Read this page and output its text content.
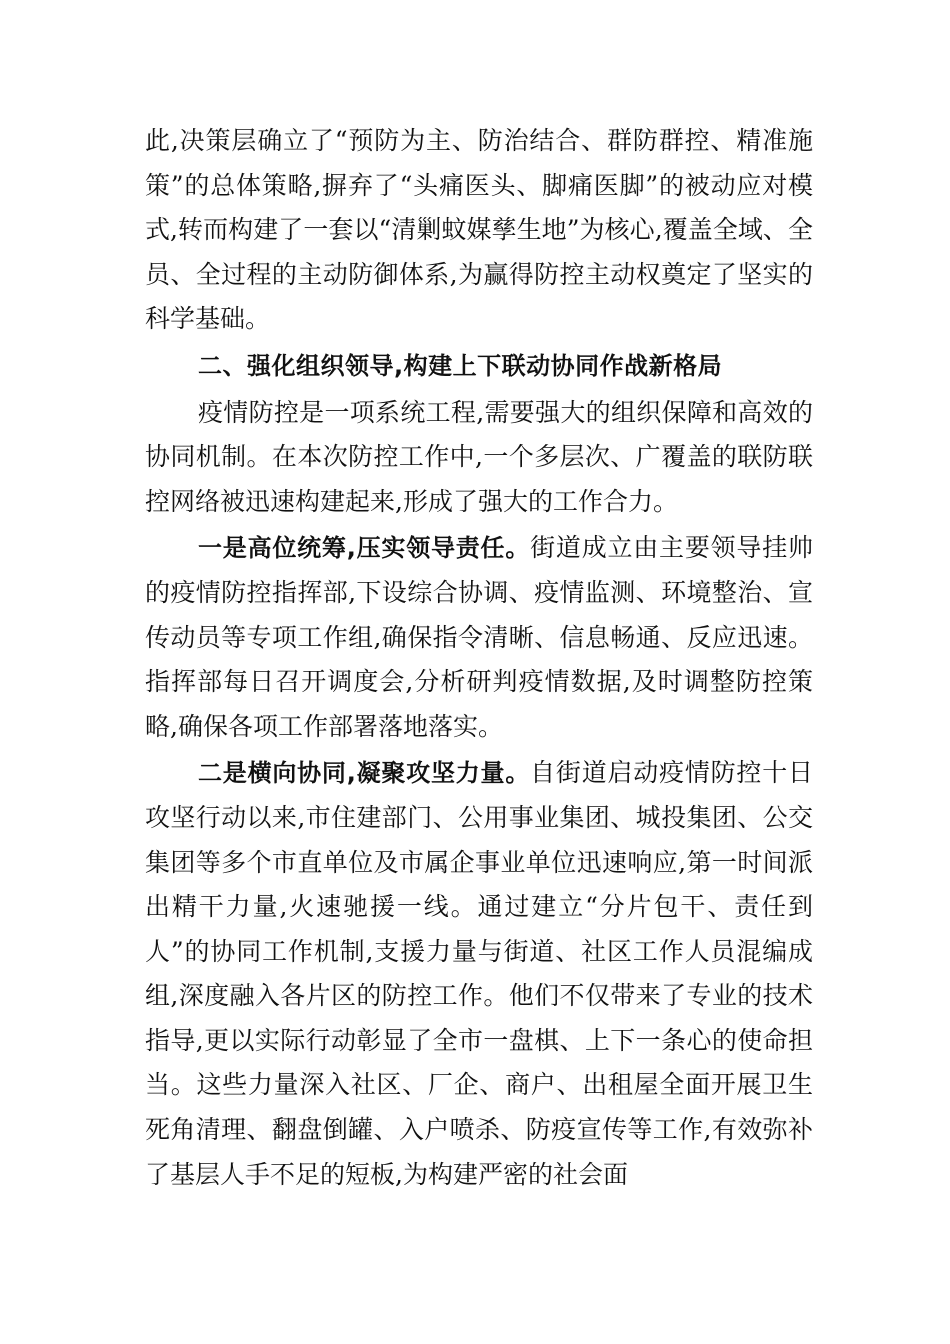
此,决策层确立了“预防为主、防治结合、群防群控、精准施策”的总体策略,摒弃了“头痛医头、脚痛医脚”的被动应对模式,转而构建了一套以“清剿蚊媒孳生地”为核心,覆盖全域、全员、全过程的主动防御体系,为赢得防控主动权奠定了坚实的科学基础。

二、强化组织领导,构建上下联动协同作战新格局

疫情防控是一项系统工程,需要强大的组织保障和高效的协同机制。在本次防控工作中,一个多层次、广覆盖的联防联控网络被迅速构建起来,形成了强大的工作合力。

一是高位统筹,压实领导责任。街道成立由主要领导挂帅的疫情防控指挥部,下设综合协调、疫情监测、环境整治、宣传动员等专项工作组,确保指令清晰、信息畅通、反应迅速。指挥部每日召开调度会,分析研判疫情数据,及时调整防控策略,确保各项工作部署落地落实。

二是横向协同,凝聚攻坚力量。自街道启动疫情防控十日攻坚行动以来,市住建部门、公用事业集团、城投集团、公交集团等多个市直单位及市属企事业单位迅速响应,第一时间派出精干力量,火速驰援一线。通过建立“分片包干、责任到人”的协同工作机制,支援力量与街道、社区工作人员混编成组,深度融入各片区的防控工作。他们不仅带来了专业的技术指导,更以实际行动彰显了全市一盘棋、上下一条心的使命担当。这些力量深入社区、厂企、商户、出租屋全面开展卫生死角清理、翻盘倒罐、入户喷杀、防疫宣传等工作,有效弥补了基层人手不足的短板,为构建严密的社会面
